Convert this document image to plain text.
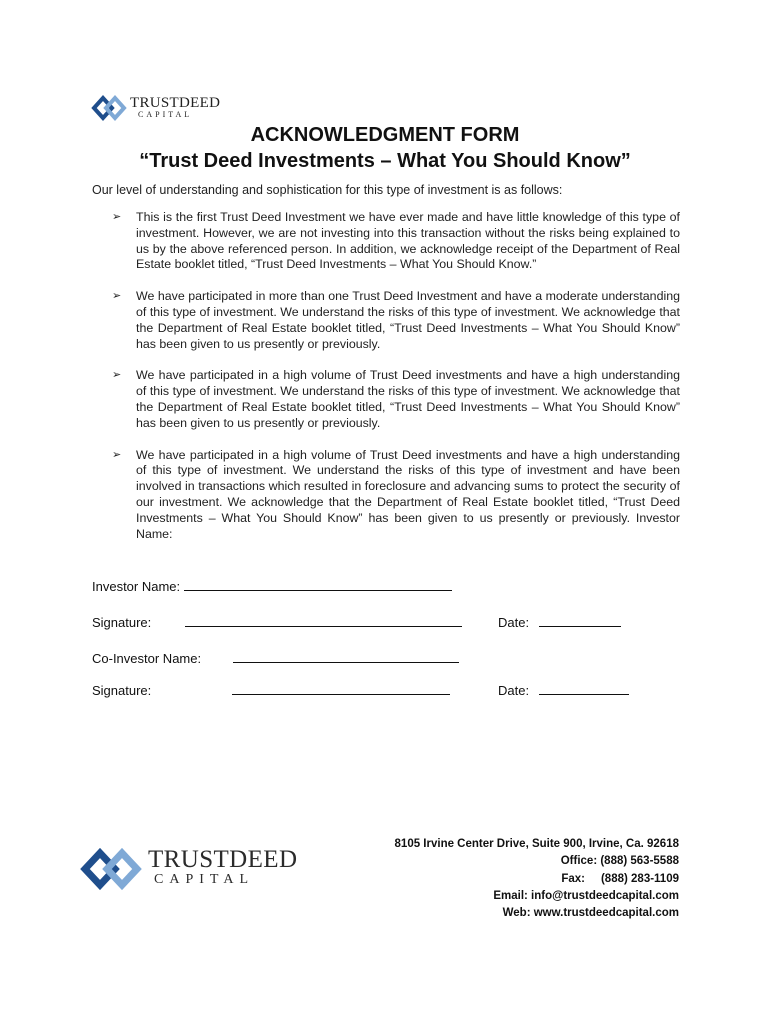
TRUSTDEED
CAPITAL
ACKNOWLEDGMENT FORM
“Trust Deed Investments – What You Should Know”
Our level of understanding and sophistication for this type of investment is as follows:
➢ This is the first Trust Deed Investment we have ever made and have little knowledge of this type of investment. However, we are not investing into this transaction without the risks being explained to us by the above referenced person. In addition, we acknowledge receipt of the Department of Real Estate booklet titled, “Trust Deed Investments – What You Should Know.”
➢ We have participated in more than one Trust Deed Investment and have a moderate understanding of this type of investment. We understand the risks of this type of investment. We acknowledge that the Department of Real Estate booklet titled, “Trust Deed Investments – What You Should Know” has been given to us presently or previously.
➢ We have participated in a high volume of Trust Deed investments and have a high understanding of this type of investment. We understand the risks of this type of investment. We acknowledge that the Department of Real Estate booklet titled, “Trust Deed Investments – What You Should Know” has been given to us presently or previously.
➢ We have participated in a high volume of Trust Deed investments and have a high understanding of this type of investment. We understand the risks of this type of investment and have been involved in transactions which resulted in foreclosure and advancing sums to protect the security of our investment. We acknowledge that the Department of Real Estate booklet titled, “Trust Deed Investments – What You Should Know” has been given to us presently or previously. Investor Name:
Investor Name:
Signature:	Date:
Co-Investor Name:
Signature:	Date:
TRUSTDEED
CAPITAL
8105 Irvine Center Drive, Suite 900, Irvine, Ca. 92618
Office: (888) 563-5588
Fax:     (888) 283-1109
Email: info@trustdeedcapital.com
Web: www.trustdeedcapital.com
